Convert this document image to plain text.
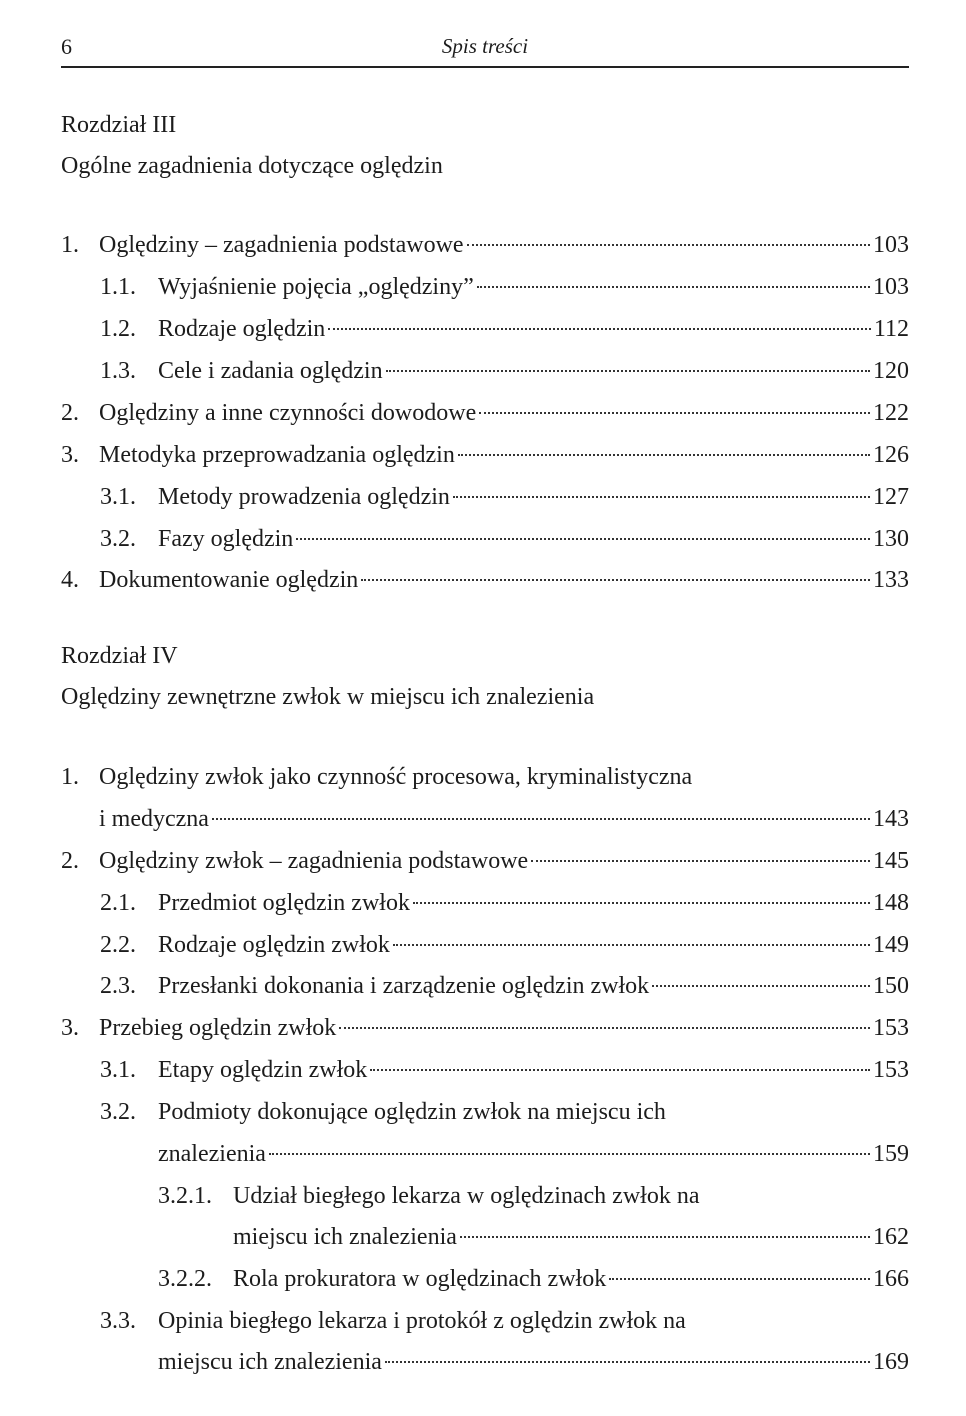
6	Spis treści
Rozdział III
Ogólne zagadnienia dotyczące oględzin
1. Oględziny – zagadnienia podstawowe	103
1.1. Wyjaśnienie pojęcia „oględziny”	103
1.2. Rodzaje oględzin	112
1.3. Cele i zadania oględzin	120
2. Oględziny a inne czynności dowodowe	122
3. Metodyka przeprowadzania oględzin	126
3.1. Metody prowadzenia oględzin	127
3.2. Fazy oględzin	130
4. Dokumentowanie oględzin	133
Rozdział IV
Oględziny zewnętrzne zwłok w miejscu ich znalezienia
1. Oględziny zwłok jako czynność procesowa, kryminalistyczna
i medyczna	143
2. Oględziny zwłok – zagadnienia podstawowe	145
2.1. Przedmiot oględzin zwłok	148
2.2. Rodzaje oględzin zwłok	149
2.3. Przesłanki dokonania i zarządzenie oględzin zwłok	150
3. Przebieg oględzin zwłok	153
3.1. Etapy oględzin zwłok	153
3.2. Podmioty dokonujące oględzin zwłok na miejscu ich
znalezienia	159
3.2.1. Udział biegłego lekarza w oględzinach zwłok na
miejscu ich znalezienia	162
3.2.2. Rola prokuratora w oględzinach zwłok	166
3.3. Opinia biegłego lekarza i protokół z oględzin zwłok na
miejscu ich znalezienia	169
